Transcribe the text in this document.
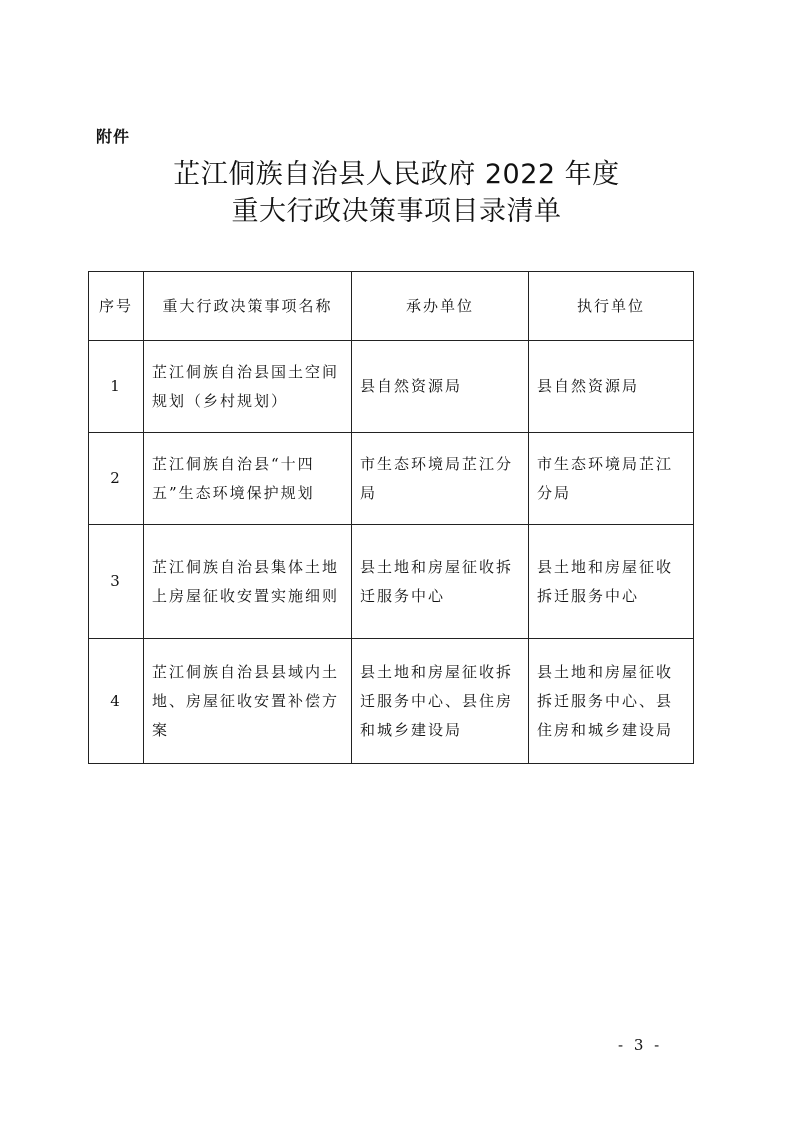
附件
芷江侗族自治县人民政府 2022 年度
重大行政决策事项目录清单
序号	重大行政决策事项名称	承办单位	执行单位
1	芷江侗族自治县国土空间规划（乡村规划）	县自然资源局	县自然资源局
2	芷江侗族自治县“十四五”生态环境保护规划	市生态环境局芷江分局	市生态环境局芷江分局
3	芷江侗族自治县集体土地上房屋征收安置实施细则	县土地和房屋征收拆迁服务中心	县土地和房屋征收拆迁服务中心
4	芷江侗族自治县县域内土地、房屋征收安置补偿方案	县土地和房屋征收拆迁服务中心、县住房和城乡建设局	县土地和房屋征收拆迁服务中心、县住房和城乡建设局
- 3 -
